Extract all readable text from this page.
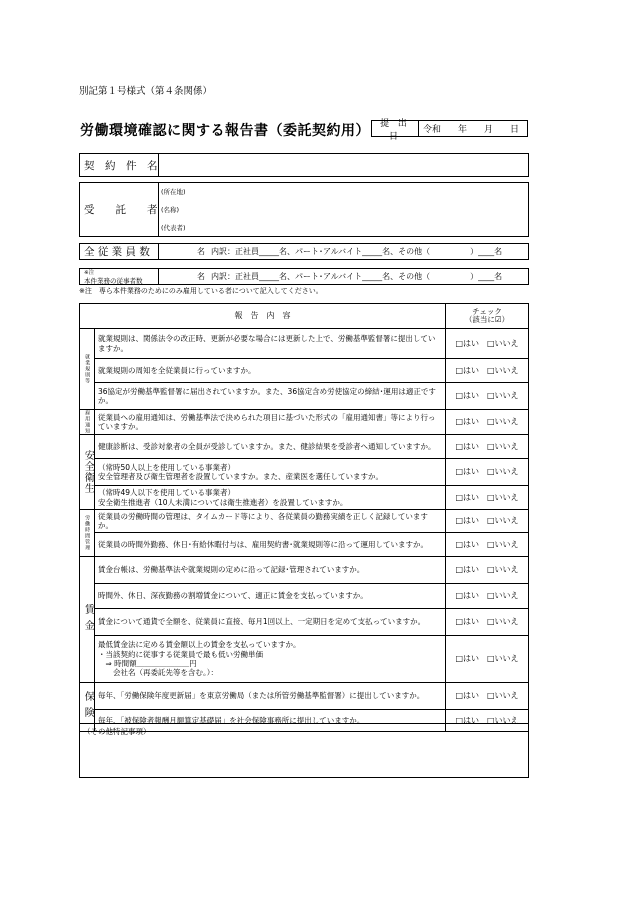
別記第１号様式（第４条関係）
労働環境確認に関する報告書（委託契約用）	提 出 日
令和 年 月 日
契　約　件　名
受　　託　　者
(所在地)
(名称)
(代表者)
全 従 業 員 数	名 内訳：正社員_____名、パート･アルバイト_____名、その他（　　　　　）____名
※注
本件業務の従事者数	名 内訳：正社員_____名、パート･アルバイト_____名、その他（　　　　　）____名
※注　専ら本件業務のためにのみ雇用している者について記入してください。
報　告　内　容		チェック
（該当に☑）

就業規則等	就業規則は、関係法令の改正時、更新が必要な場合には更新した上で、労働基準監督署に提出していますか。	□はい □いいえ
	就業規則の周知を全従業員に行っていますか。	□はい □いいえ
	36協定が労働基準監督署に届出されていますか。また、36協定含め労使協定の締結･運用は適正ですか。	□はい □いいえ
雇用通知	従業員への雇用通知は、労働基準法で決められた項目に基づいた形式の「雇用通知書」等により行っていますか。	□はい □いいえ
安全衛生	健康診断は、受診対象者の全員が受診していますか。また、健診結果を受診者へ通知していますか。	□はい □いいえ
	（常時50人以上を使用している事業者）
安全管理者及び衛生管理者を設置していますか。また、産業医を選任していますか。	□はい □いいえ
	（常時49人以下を使用している事業者）
安全衛生推進者（10人未満については衛生推進者）を設置していますか。	□はい □いいえ
労働時間管理	従業員の労働時間の管理は、タイムカード等により、各従業員の勤務実績を正しく記録していますか。	□はい □いいえ
	従業員の時間外勤務、休日･有給休暇付与は、雇用契約書･就業規則等に沿って運用していますか。	□はい □いいえ
賃金	賃金台帳は、労働基準法や就業規則の定めに沿って記録･管理されていますか。	□はい □いいえ
	時間外、休日、深夜勤務の割増賃金について、適正に賃金を支払っていますか。	□はい □いいえ
	賃金について通貨で全額を、従業員に直接、毎月1回以上、一定期日を定めて支払っていますか。	□はい □いいえ
	最低賃金法に定める賃金額以上の賃金を支払っていますか。
・当該契約に従事する従業員で最も低い労働単価
　⇒ 時間額＿＿＿＿＿＿＿円
　　会社名（再委託先等を含む。）：	□はい □いいえ
保険	毎年、「労働保険年度更新届」を東京労働局（または所管労働基準監督署）に提出していますか。	□はい □いいえ
	毎年、「被保険者報酬月額算定基礎届」を社会保険事務所に提出していますか。	□はい □いいえ
（その他特記事項）
